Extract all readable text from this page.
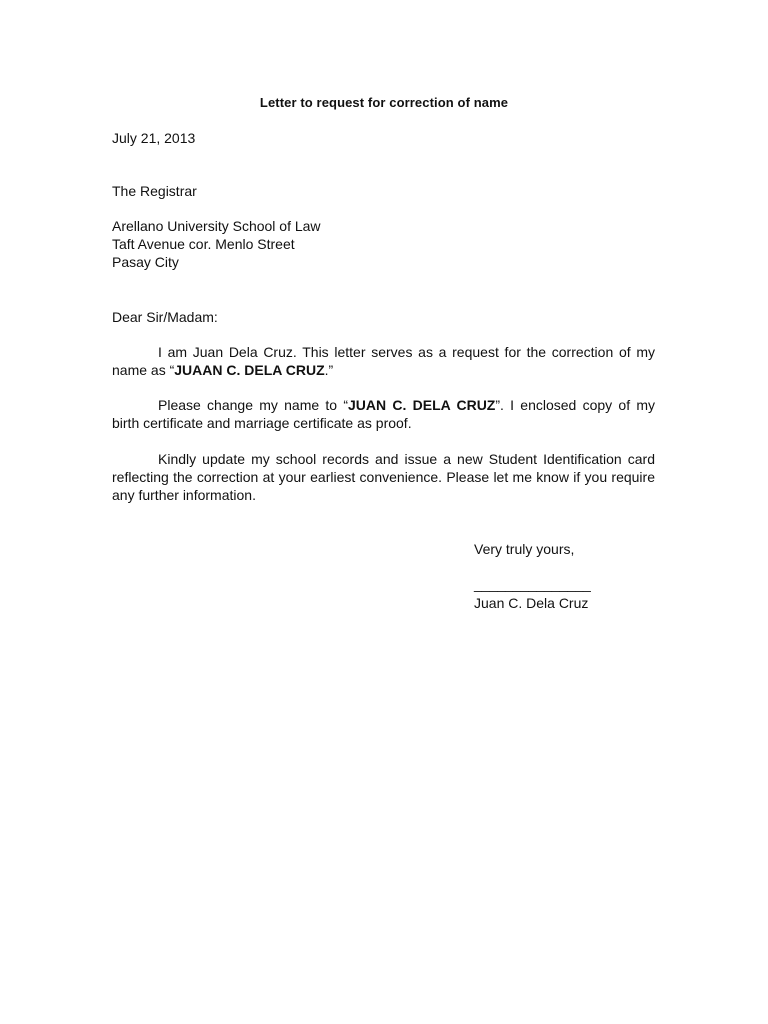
Letter to request for correction of name
July 21, 2013
The Registrar
Arellano University School of Law
Taft Avenue cor. Menlo Street
Pasay City
Dear Sir/Madam:
I am Juan Dela Cruz. This letter serves as a request for the correction of my name as “JUAAN C. DELA CRUZ.”
Please change my name to “JUAN C. DELA CRUZ”. I enclosed copy of my birth certificate and marriage certificate as proof.
Kindly update my school records and issue a new Student Identification card reflecting the correction at your earliest convenience. Please let me know if you require any further information.
Very truly yours,
_______________
Juan C. Dela Cruz
